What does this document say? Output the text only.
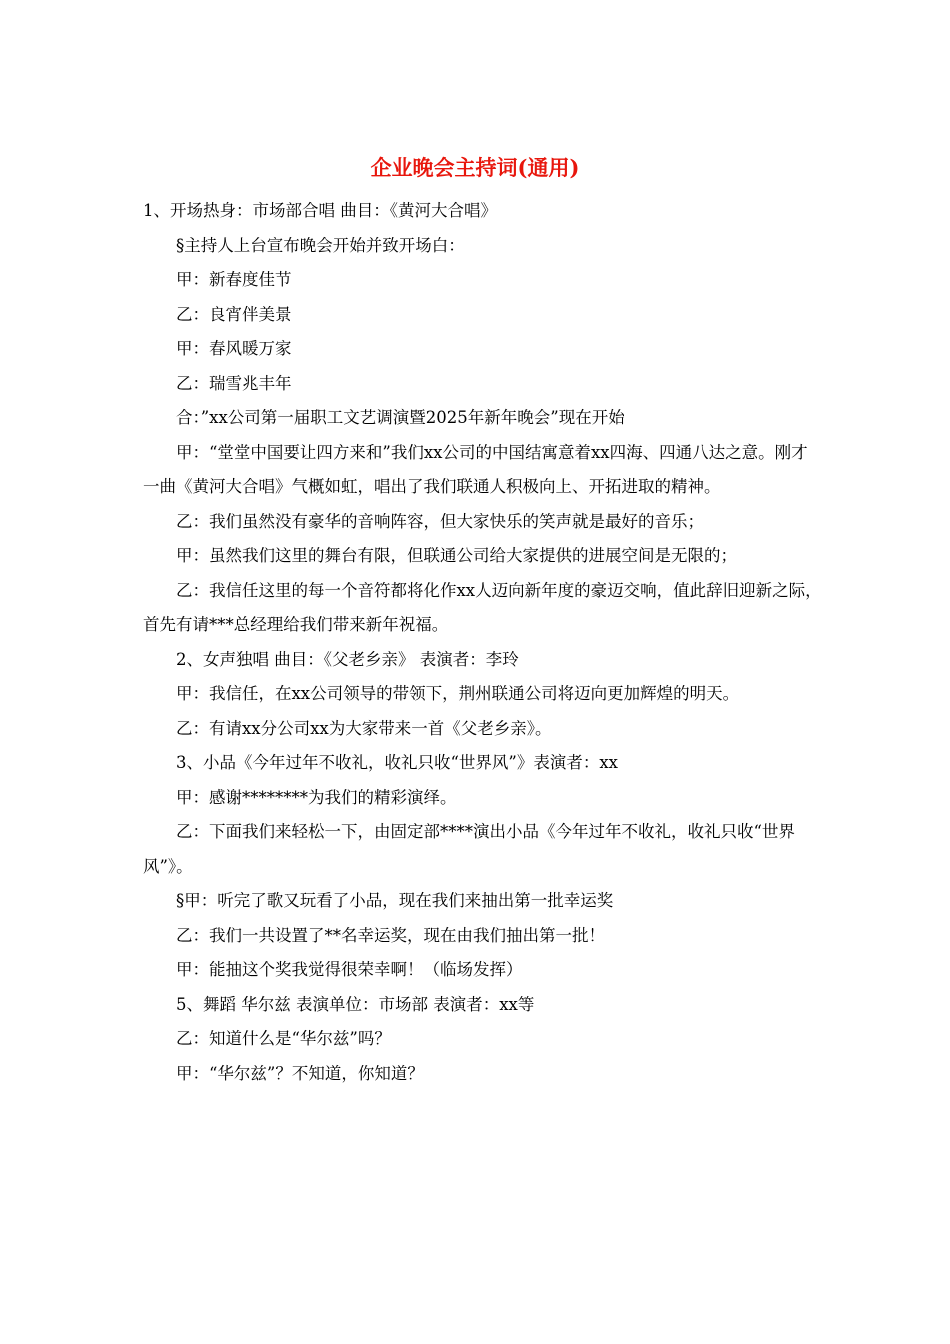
企业晚会主持词(通用)

1、开场热身：市场部合唱 曲目：《黄河大合唱》

§主持人上台宣布晚会开始并致开场白：

甲：新春度佳节

乙：良宵伴美景

甲：春风暖万家

乙：瑞雪兆丰年

合：”xx公司第一届职工文艺调演暨2025年新年晚会”现在开始

甲：“堂堂中国要让四方来和”我们xx公司的中国结寓意着xx四海、四通八达之意。刚才一曲《黄河大合唱》气概如虹，唱出了我们联通人积极向上、开拓进取的精神。

乙：我们虽然没有豪华的音响阵容，但大家快乐的笑声就是最好的音乐；

甲：虽然我们这里的舞台有限，但联通公司给大家提供的进展空间是无限的；

乙：我信任这里的每一个音符都将化作xx人迈向新年度的豪迈交响，值此辞旧迎新之际，首先有请***总经理给我们带来新年祝福。

2、女声独唱 曲目：《父老乡亲》 表演者：李玲

甲：我信任，在xx公司领导的带领下，荆州联通公司将迈向更加辉煌的明天。

乙：有请xx分公司xx为大家带来一首《父老乡亲》。

3、小品《今年过年不收礼，收礼只收“世界风”》表演者：xx

甲：感谢********为我们的精彩演绎。

乙：下面我们来轻松一下，由固定部****演出小品《今年过年不收礼，收礼只收“世界风”》。

§甲：听完了歌又玩看了小品，现在我们来抽出第一批幸运奖

乙：我们一共设置了**名幸运奖，现在由我们抽出第一批！

甲：能抽这个奖我觉得很荣幸啊！（临场发挥）

5、舞蹈 华尔兹 表演单位：市场部 表演者：xx等

乙：知道什么是“华尔兹”吗？

甲：“华尔兹”？不知道，你知道？
